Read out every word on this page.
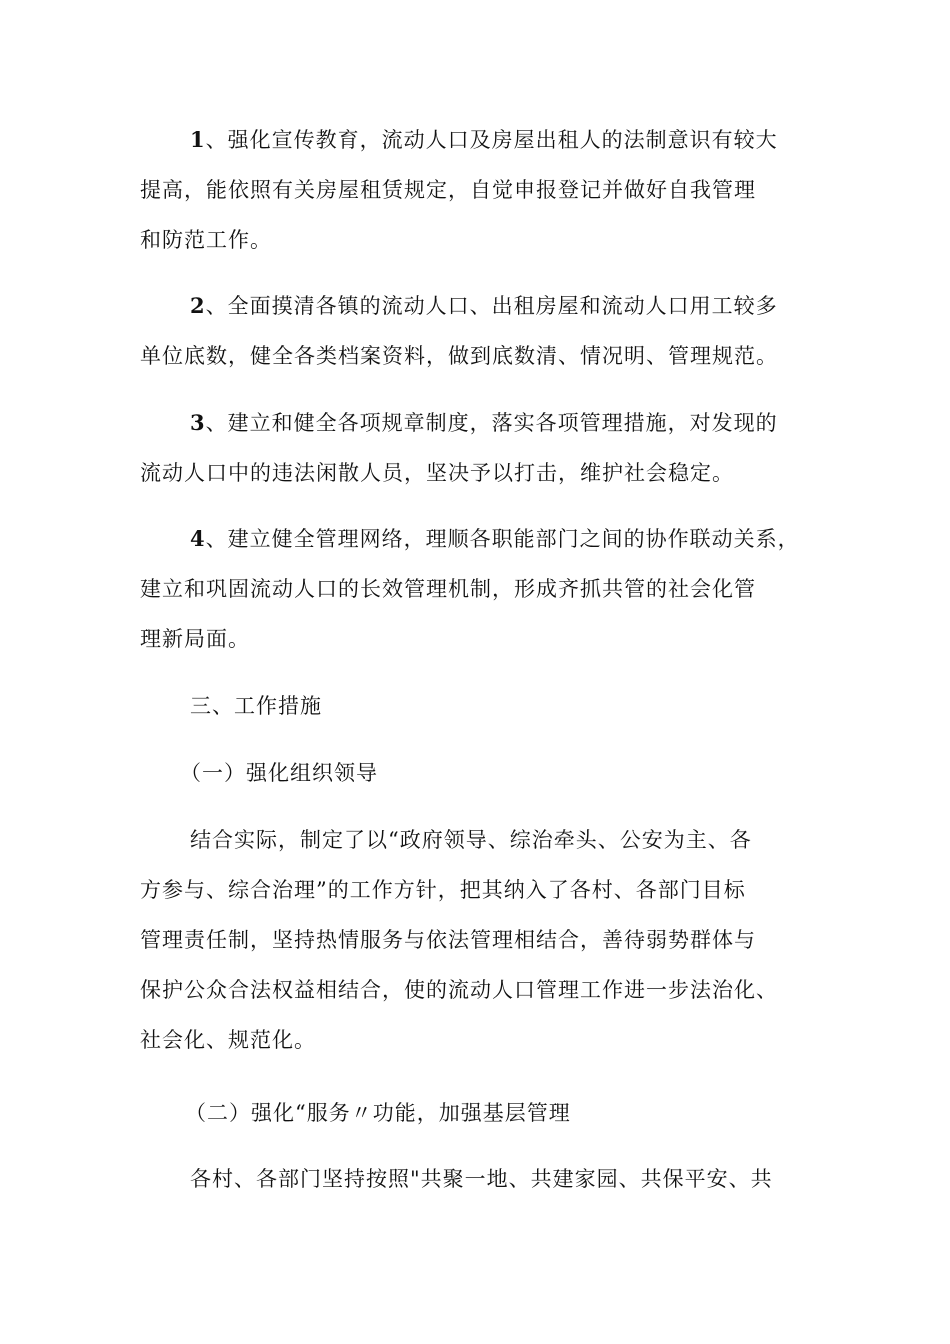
1、强化宣传教育，流动人口及房屋出租人的法制意识有较大
提高，能依照有关房屋租赁规定，自觉申报登记并做好自我管理
和防范工作。
2、全面摸清各镇的流动人口、出租房屋和流动人口用工较多
单位底数，健全各类档案资料，做到底数清、情况明、管理规范。
3、建立和健全各项规章制度，落实各项管理措施，对发现的
流动人口中的违法闲散人员，坚决予以打击，维护社会稳定。
4、建立健全管理网络，理顺各职能部门之间的协作联动关系，
建立和巩固流动人口的长效管理机制，形成齐抓共管的社会化管
理新局面。
三、工作措施
（一）强化组织领导
结合实际，制定了以“政府领导、综治牵头、公安为主、各
方参与、综合治理”的工作方针，把其纳入了各村、各部门目标
管理责任制，坚持热情服务与依法管理相结合，善待弱势群体与
保护公众合法权益相结合，使的流动人口管理工作进一步法治化、
社会化、规范化。
（二）强化“服务〃功能，加强基层管理
各村、各部门坚持按照"共聚一地、共建家园、共保平安、共
